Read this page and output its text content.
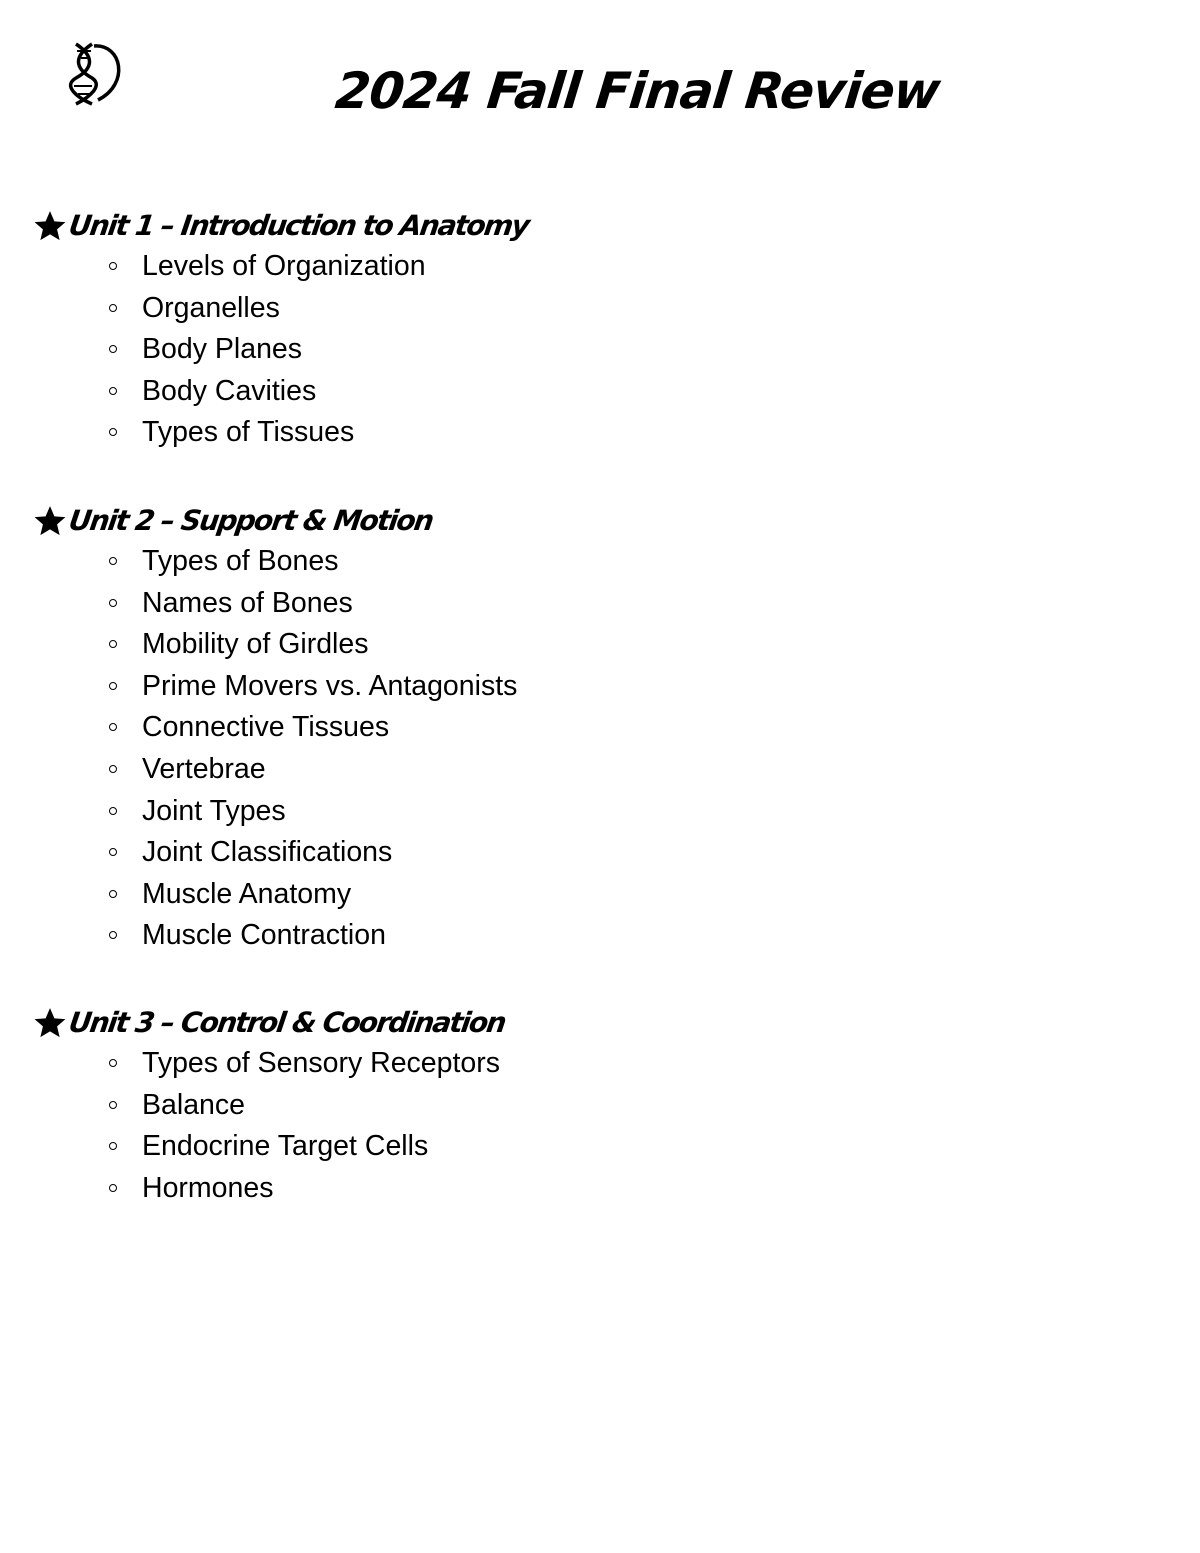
2024 Fall Final Review
Unit 1 – Introduction to Anatomy
Levels of Organization
Organelles
Body Planes
Body Cavities
Types of Tissues
Unit 2 – Support & Motion
Types of Bones
Names of Bones
Mobility of Girdles
Prime Movers vs. Antagonists
Connective Tissues
Vertebrae
Joint Types
Joint Classifications
Muscle Anatomy
Muscle Contraction
Unit 3 – Control & Coordination
Types of Sensory Receptors
Balance
Endocrine Target Cells
Hormones
